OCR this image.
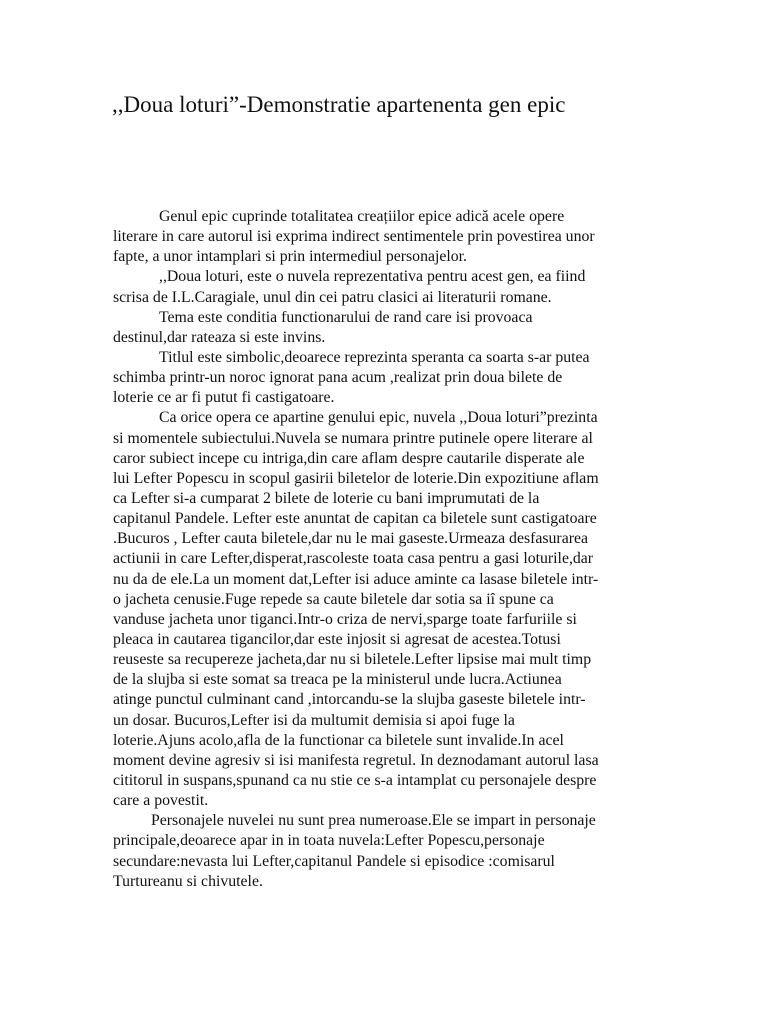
,,Doua loturi”-Demonstratie apartenenta gen epic
Genul epic cuprinde totalitatea creațiilor epice adică acele opere
literare in care autorul isi exprima indirect sentimentele prin povestirea unor
fapte, a unor intamplari si prin intermediul personajelor.
,,Doua loturi, este o nuvela reprezentativa pentru acest gen, ea fiind
scrisa de I.L.Caragiale, unul din cei patru clasici ai literaturii romane.
Tema este conditia functionarului de rand care isi provoaca
destinul,dar rateaza si este invins.
Titlul este simbolic,deoarece reprezinta speranta ca soarta s-ar putea
schimba printr-un noroc ignorat pana acum ,realizat prin doua bilete de
loterie ce ar fi putut fi castigatoare.
Ca orice opera ce apartine genului epic, nuvela ,,Doua loturi”prezinta
si momentele subiectului.Nuvela se numara printre putinele opere literare al
caror subiect incepe cu intriga,din care aflam despre cautarile disperate ale
lui Lefter Popescu in scopul gasirii biletelor de loterie.Din expozitiune aflam
ca Lefter si-a cumparat 2 bilete de loterie cu bani imprumutati de la
capitanul Pandele. Lefter este anuntat de capitan ca biletele sunt castigatoare
.Bucuros , Lefter cauta biletele,dar nu le mai gaseste.Urmeaza desfasurarea
actiunii in care Lefter,disperat,rascoleste toata casa pentru a gasi loturile,dar
nu da de ele.La un moment dat,Lefter isi aduce aminte ca lasase biletele intr-
o jacheta cenusie.Fuge repede sa caute biletele dar sotia sa iî spune ca
vanduse jacheta unor tiganci.Intr-o criza de nervi,sparge toate farfuriile si
pleaca in cautarea tigancilor,dar este injosit si agresat de acestea.Totusi
reuseste sa recupereze jacheta,dar nu si biletele.Lefter lipsise mai mult timp
de la slujba si este somat sa treaca pe la ministerul unde lucra.Actiunea
atinge punctul culminant cand ,intorcandu-se la slujba gaseste biletele intr-
un dosar. Bucuros,Lefter isi da multumit demisia si apoi fuge la
loterie.Ajuns acolo,afla de la functionar ca biletele sunt invalide.In acel
moment devine agresiv si isi manifesta regretul. In deznodamant autorul lasa
cititorul in suspans,spunand ca nu stie ce s-a intamplat cu personajele despre
care a povestit.
Personajele nuvelei nu sunt prea numeroase.Ele se impart in personaje
principale,deoarece apar in in toata nuvela:Lefter Popescu,personaje
secundare:nevasta lui Lefter,capitanul Pandele si episodice :comisarul
Turtureanu si chivutele.
